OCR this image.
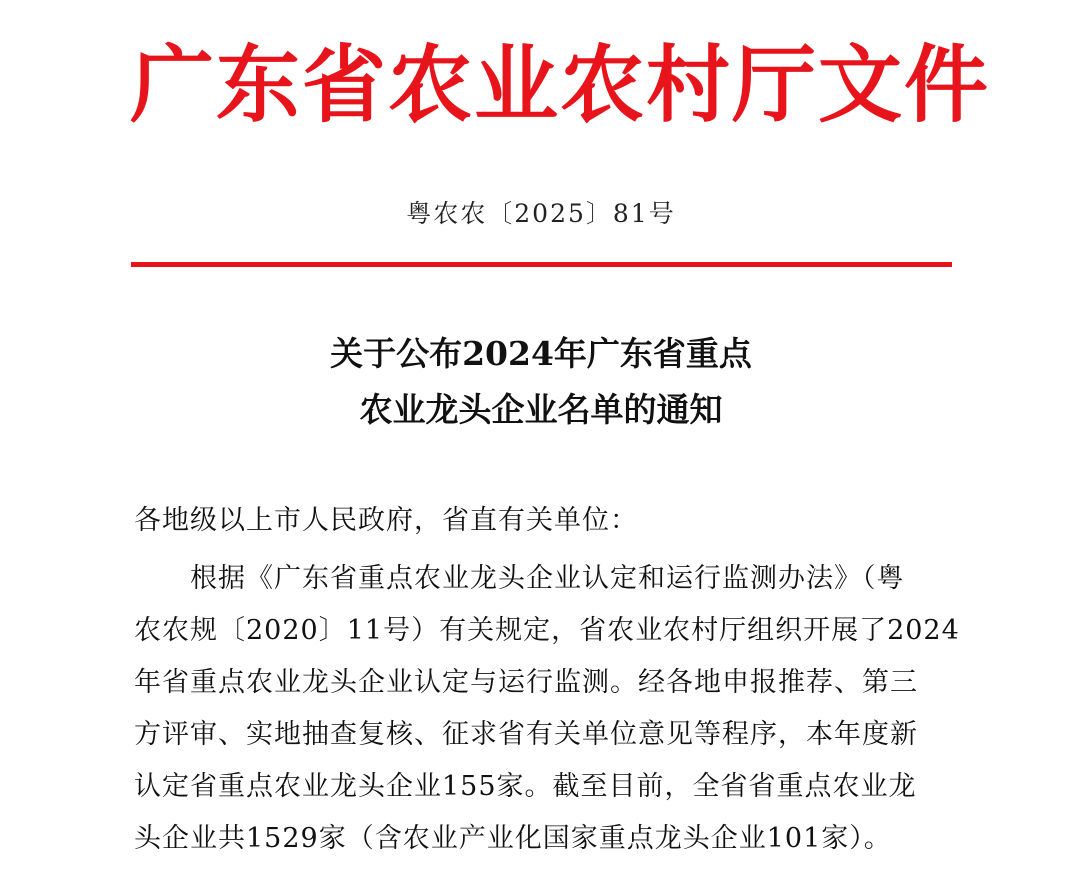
广东省农业农村厅文件
粤农农〔2025〕81号
关于公布2024年广东省重点
农业龙头企业名单的通知
各地级以上市人民政府，省直有关单位：
根据《广东省重点农业龙头企业认定和运行监测办法》（粤
农农规〔2020〕11号）有关规定，省农业农村厅组织开展了2024
年省重点农业龙头企业认定与运行监测。经各地申报推荐、第三
方评审、实地抽查复核、征求省有关单位意见等程序，本年度新
认定省重点农业龙头企业155家。截至目前，全省省重点农业龙
头企业共1529家（含农业产业化国家重点龙头企业101家）。
